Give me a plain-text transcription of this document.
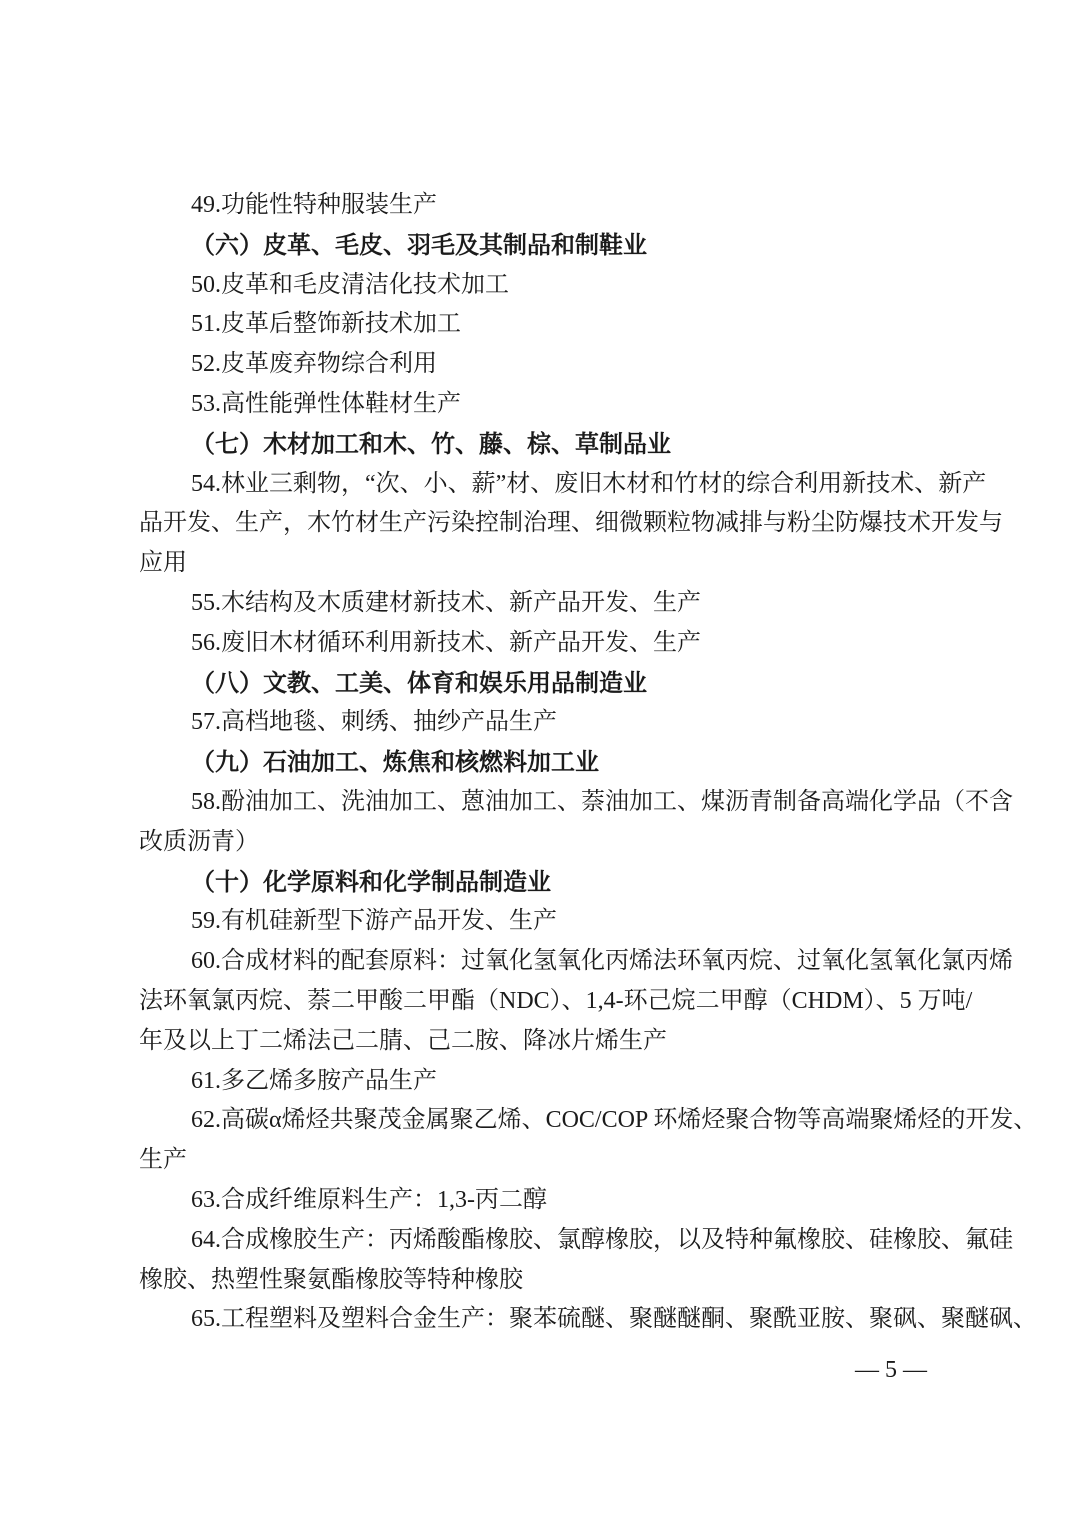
49.功能性特种服装生产
（六）皮革、毛皮、羽毛及其制品和制鞋业
50.皮革和毛皮清洁化技术加工
51.皮革后整饰新技术加工
52.皮革废弃物综合利用
53.高性能弹性体鞋材生产
（七）木材加工和木、竹、藤、棕、草制品业
54.林业三剩物，“次、小、薪”材、废旧木材和竹材的综合利用新技术、新产
品开发、生产，木竹材生产污染控制治理、细微颗粒物减排与粉尘防爆技术开发与
应用
55.木结构及木质建材新技术、新产品开发、生产
56.废旧木材循环利用新技术、新产品开发、生产
（八）文教、工美、体育和娱乐用品制造业
57.高档地毯、刺绣、抽纱产品生产
（九）石油加工、炼焦和核燃料加工业
58.酚油加工、洗油加工、蒽油加工、萘油加工、煤沥青制备高端化学品（不含
改质沥青）
（十）化学原料和化学制品制造业
59.有机硅新型下游产品开发、生产
60.合成材料的配套原料：过氧化氢氧化丙烯法环氧丙烷、过氧化氢氧化氯丙烯
法环氧氯丙烷、萘二甲酸二甲酯（NDC）、1,4-环己烷二甲醇（CHDM）、5 万吨/
年及以上丁二烯法己二腈、己二胺、降冰片烯生产
61.多乙烯多胺产品生产
62.高碳α烯烃共聚茂金属聚乙烯、COC/COP 环烯烃聚合物等高端聚烯烃的开发、
生产
63.合成纤维原料生产：1,3-丙二醇
64.合成橡胶生产：丙烯酸酯橡胶、氯醇橡胶，以及特种氟橡胶、硅橡胶、氟硅
橡胶、热塑性聚氨酯橡胶等特种橡胶
65.工程塑料及塑料合金生产：聚苯硫醚、聚醚醚酮、聚酰亚胺、聚砜、聚醚砜、
— 5 —
